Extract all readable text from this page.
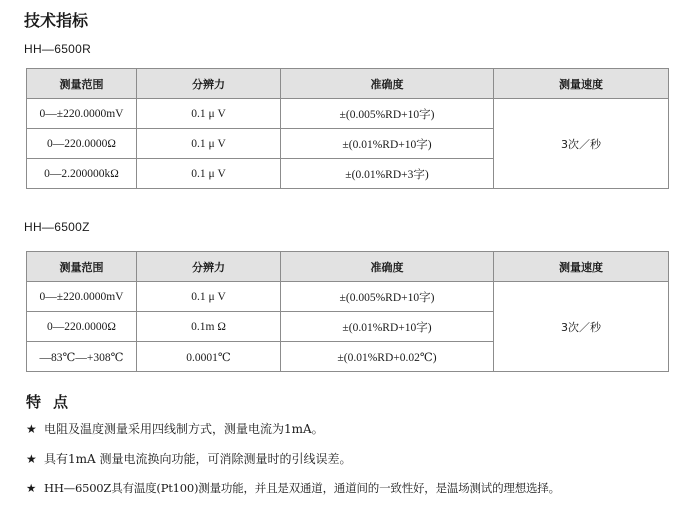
技术指标
HH—6500R
测量范围	分辨力	准确度	测量速度
0—±220.0000mV	0.1 μ V	±(0.005%RD+10字)	3次／秒
0—220.0000Ω	0.1 μ V	±(0.01%RD+10字)	
0—2.200000kΩ	0.1 μ V	±(0.01%RD+3字)	
HH—6500Z
测量范围	分辨力	准确度	测量速度
0—±220.0000mV	0.1 μ V	±(0.005%RD+10字)	3次／秒
0—220.0000Ω	0.1m Ω	±(0.01%RD+10字)	
—83℃—+308℃	0.0001℃	±(0.01%RD+0.02℃)	
特点
★ 电阻及温度测量采用四线制方式，测量电流为1mA。
★ 具有1mA 测量电流换向功能，可消除测量时的引线误差。
★ HH—6500Z具有温度(Pt100)测量功能，并且是双通道，通道间的一致性好，是温场测试的理想选择。
